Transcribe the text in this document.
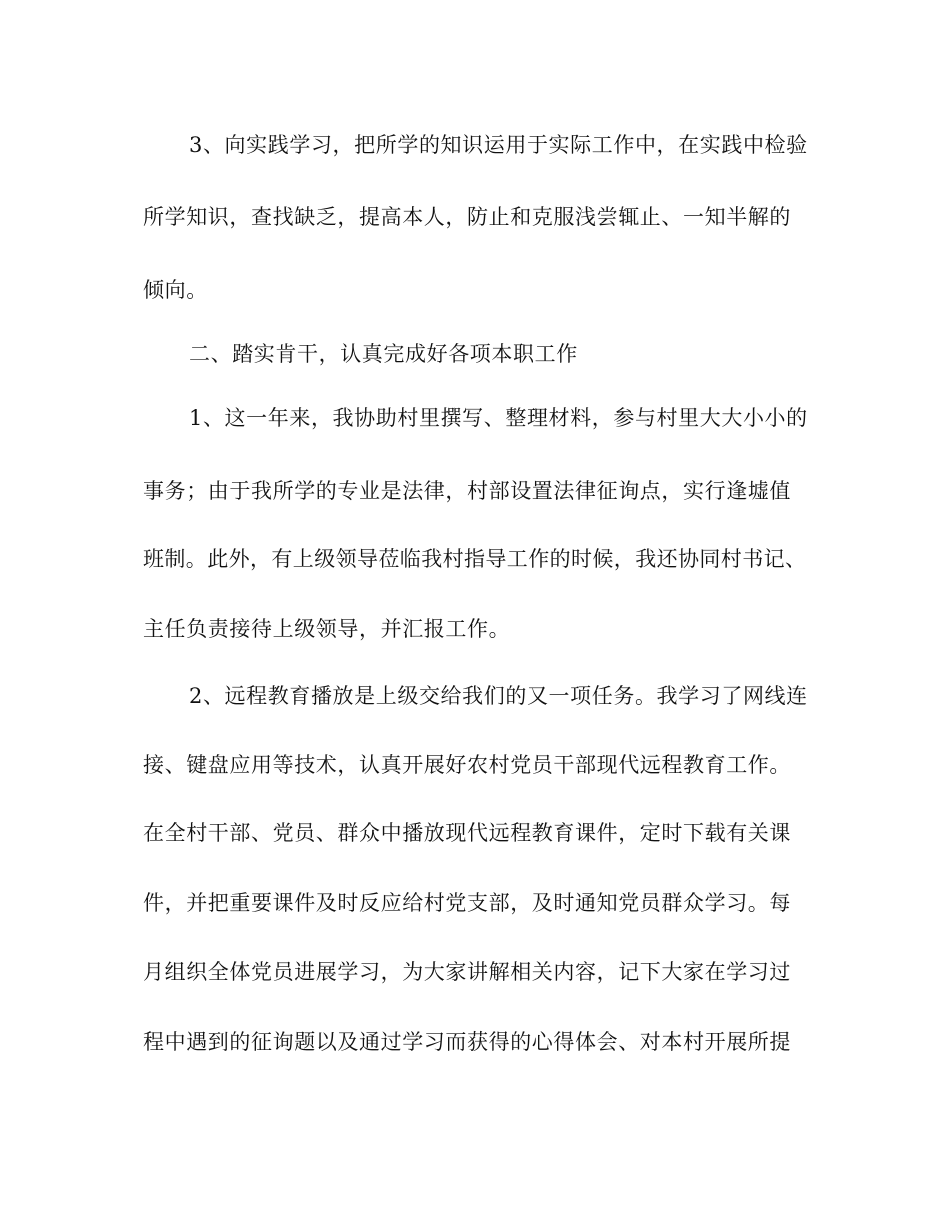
3、向实践学习，把所学的知识运用于实际工作中，在实践中检验
所学知识，查找缺乏，提高本人，防止和克服浅尝辄止、一知半解的
倾向。
二、踏实肯干，认真完成好各项本职工作
1、这一年来，我协助村里撰写、整理材料，参与村里大大小小的
事务；由于我所学的专业是法律，村部设置法律征询点，实行逢墟值
班制。此外，有上级领导莅临我村指导工作的时候，我还协同村书记、
主任负责接待上级领导，并汇报工作。
2、远程教育播放是上级交给我们的又一项任务。我学习了网线连
接、键盘应用等技术，认真开展好农村党员干部现代远程教育工作。
在全村干部、党员、群众中播放现代远程教育课件，定时下载有关课
件，并把重要课件及时反应给村党支部，及时通知党员群众学习。每
月组织全体党员进展学习，为大家讲解相关内容，记下大家在学习过
程中遇到的征询题以及通过学习而获得的心得体会、对本村开展所提
